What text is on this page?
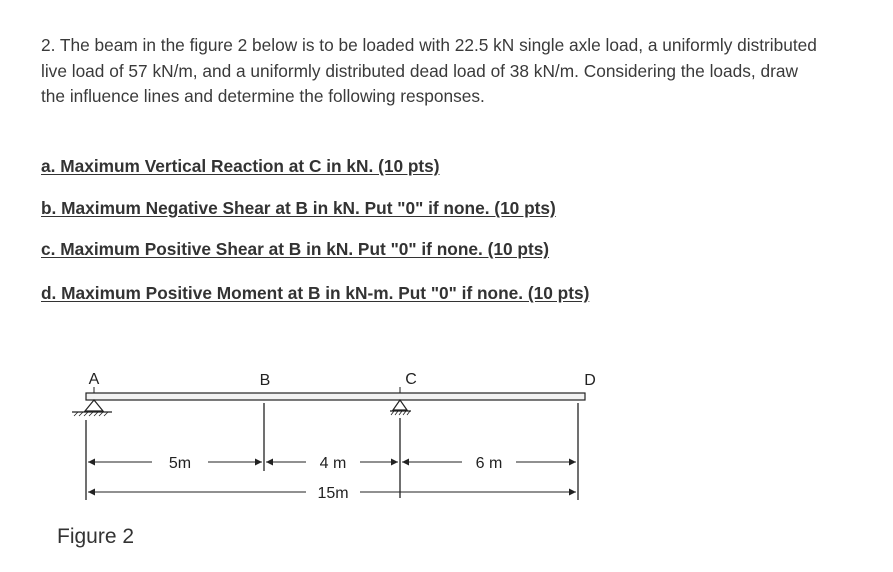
2. The beam in the figure 2 below is to be loaded with 22.5 kN single axle load, a uniformly distributed live load of 57 kN/m, and a uniformly distributed dead load of 38 kN/m. Considering the loads, draw the influence lines and determine the following responses.

a. Maximum Vertical Reaction at C in kN. (10 pts)

b. Maximum Negative Shear at B in kN. Put "0" if none. (10 pts)

c. Maximum Positive Shear at B in kN. Put "0" if none. (10 pts)

d. Maximum Positive Moment at B in kN-m. Put "0" if none. (10 pts)

A	B	C	D
5m	4 m	6 m
15m

Figure 2
